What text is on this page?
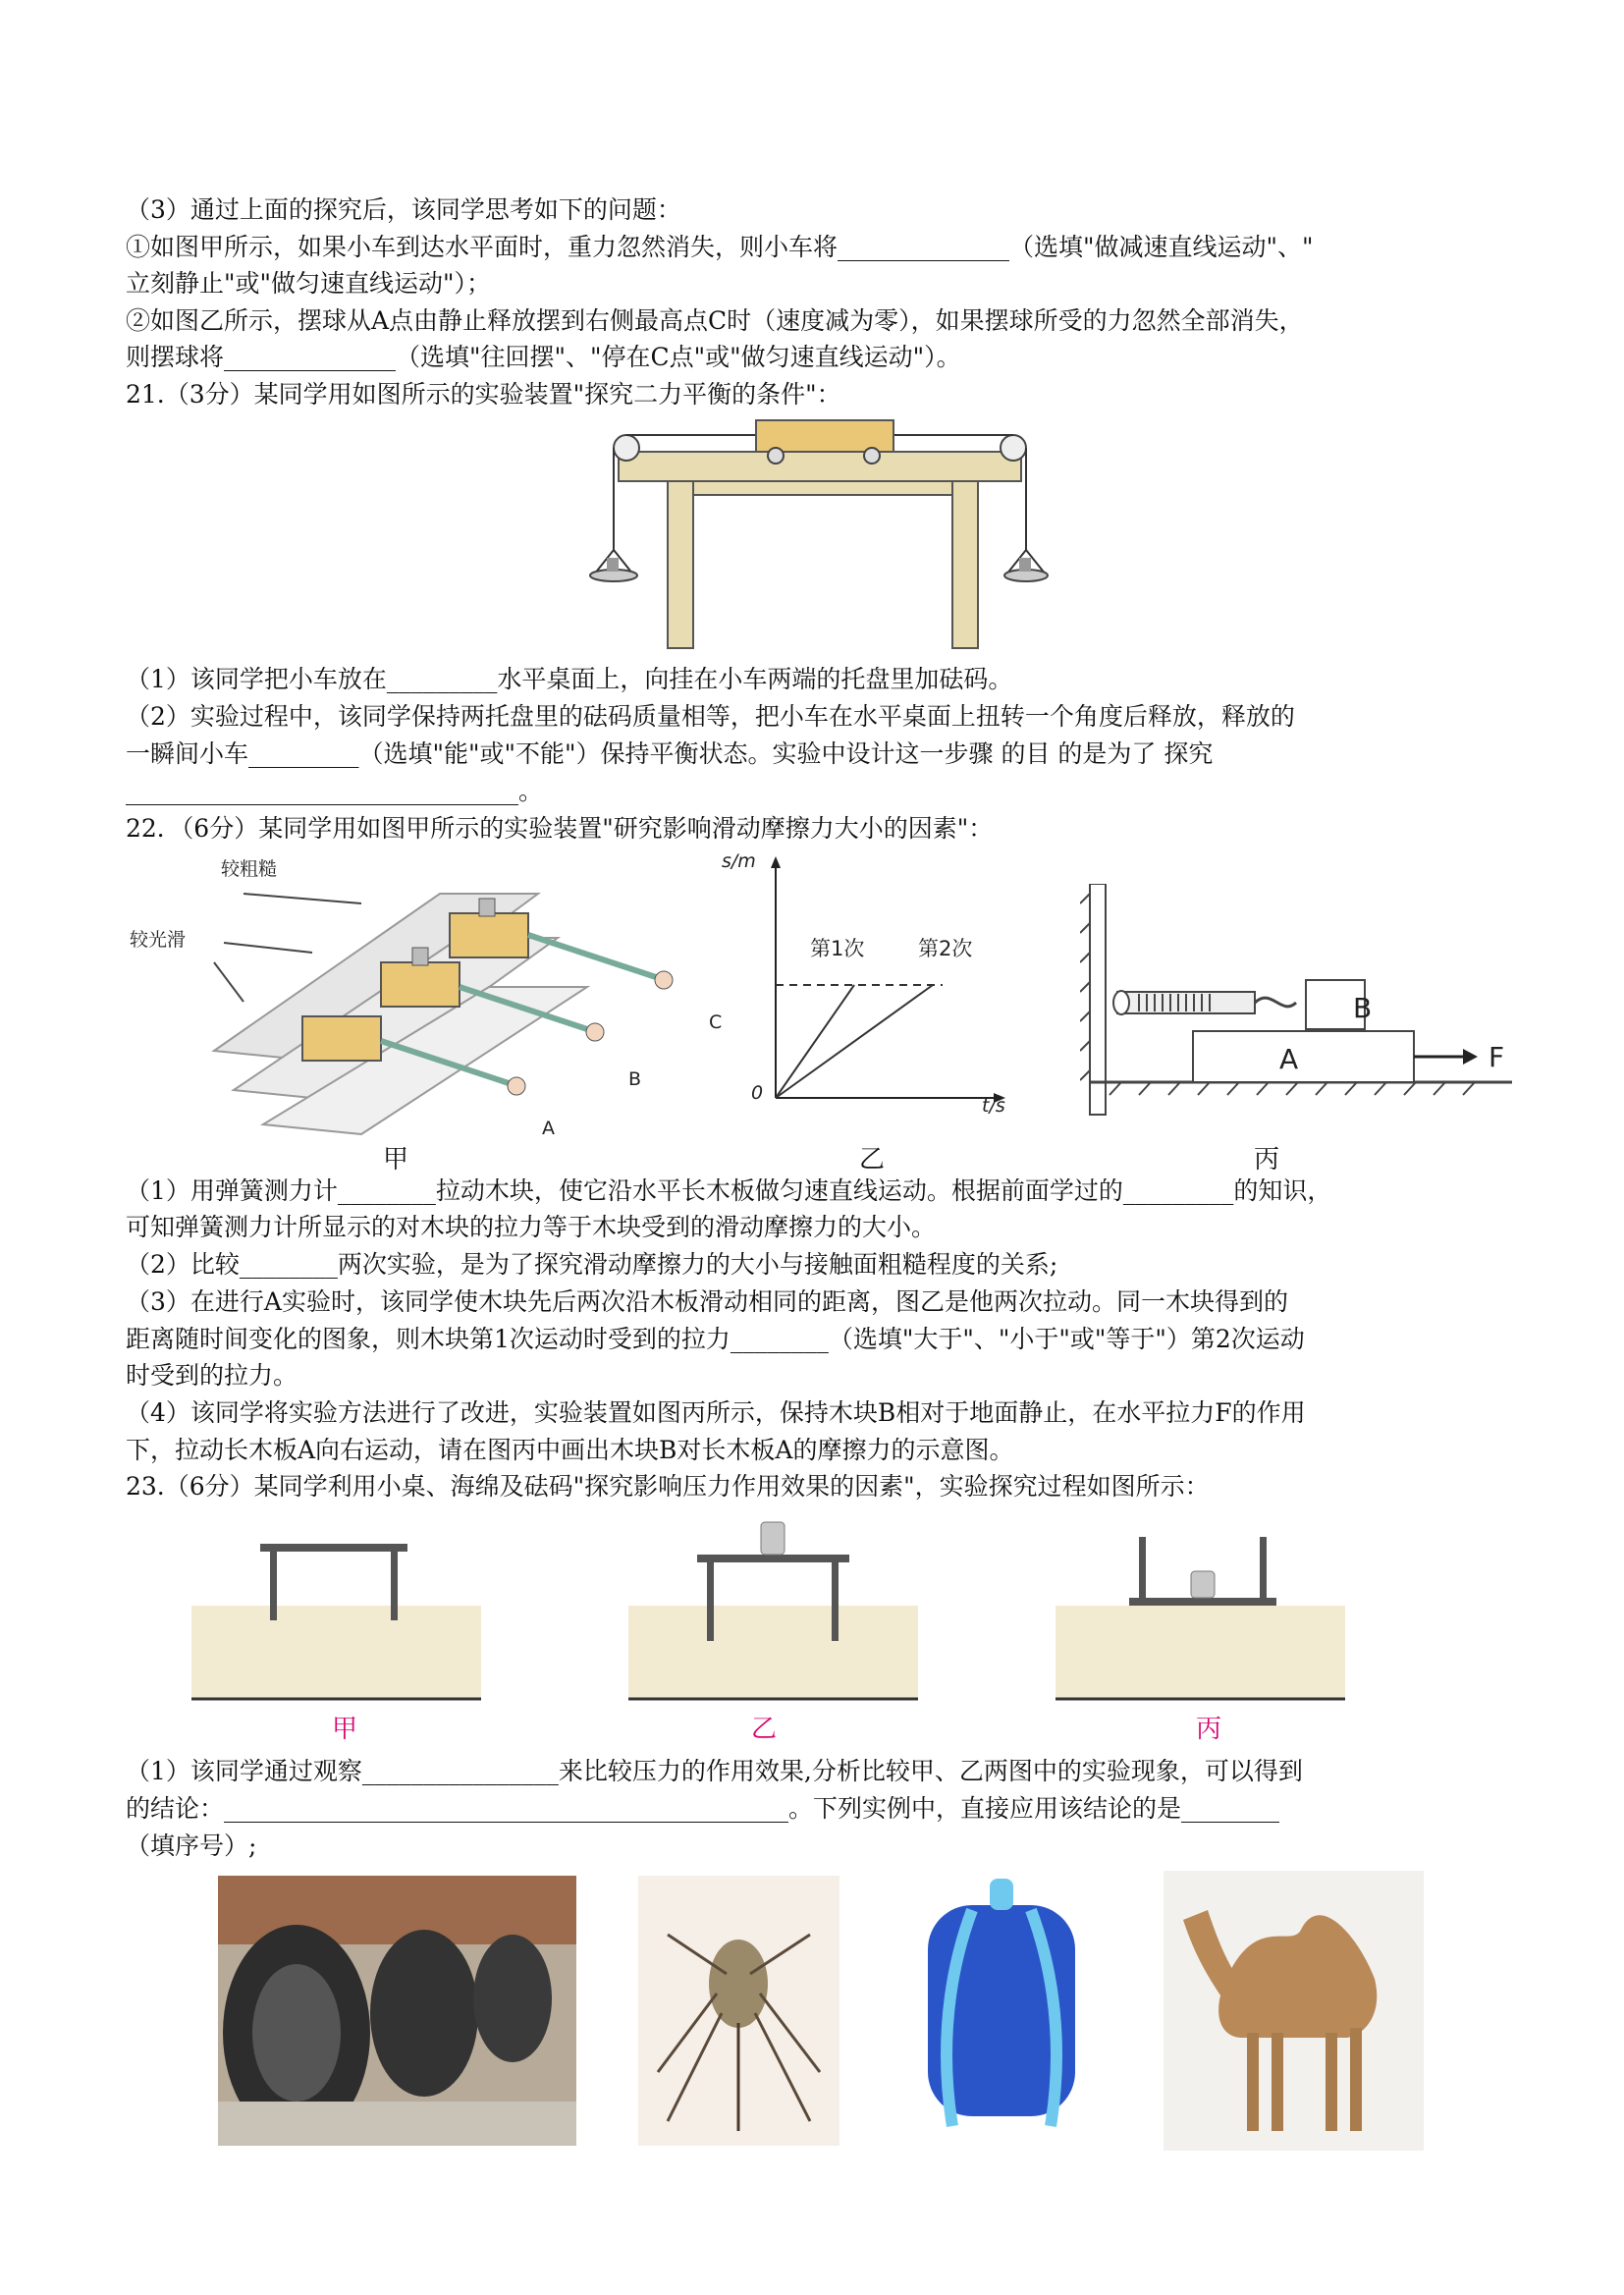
（3）通过上面的探究后，该同学思考如下的问题：
①如图甲所示，如果小车到达水平面时，重力忽然消失，则小车将______________（选填"做减速直线运动"、"
立刻静止"或"做匀速直线运动"）；
②如图乙所示，摆球从A点由静止释放摆到右侧最高点C时（速度减为零），如果摆球所受的力忽然全部消失，
则摆球将______________（选填"往回摆"、"停在C点"或"做匀速直线运动"）。
21.（3分）某同学用如图所示的实验装置"探究二力平衡的条件"：
（1）该同学把小车放在_________水平桌面上，向挂在小车两端的托盘里加砝码。
（2）实验过程中，该同学保持两托盘里的砝码质量相等，把小车在水平桌面上扭转一个角度后释放，释放的
一瞬间小车_________（选填"能"或"不能"）保持平衡状态。实验中设计这一步骤 的目 的是为了 探究
________________________________。
22．（6分）某同学用如图甲所示的实验装置"研究影响滑动摩擦力大小的因素"：
较粗糙
较光滑
C
B
A
甲
s/m
t/s
0
第1次	第2次
乙
B
A	F
丙
（1）用弹簧测力计________拉动木块，使它沿水平长木板做匀速直线运动。根据前面学过的_________的知识，
可知弹簧测力计所显示的对木块的拉力等于木块受到的滑动摩擦力的大小。
（2）比较________两次实验，是为了探究滑动摩擦力的大小与接触面粗糙程度的关系;
（3）在进行A实验时，该同学使木块先后两次沿木板滑动相同的距离，图乙是他两次拉动。同一木块得到的
距离随时间变化的图象，则木块第1次运动时受到的拉力________（选填"大于"、"小于"或"等于"）第2次运动
时受到的拉力。
（4）该同学将实验方法进行了改进，实验装置如图丙所示，保持木块B相对于地面静止，在水平拉力F的作用
下，拉动长木板A向右运动，请在图丙中画出木块B对长木板A的摩擦力的示意图。
23.（6分）某同学利用小桌、海绵及砝码"探究影响压力作用效果的因素"，实验探究过程如图所示：
甲	乙	丙
（1）该同学通过观察________________来比较压力的作用效果,分析比较甲、乙两图中的实验现象，可以得到
的结论：______________________________________________。下列实例中，直接应用该结论的是________
（填序号）;
